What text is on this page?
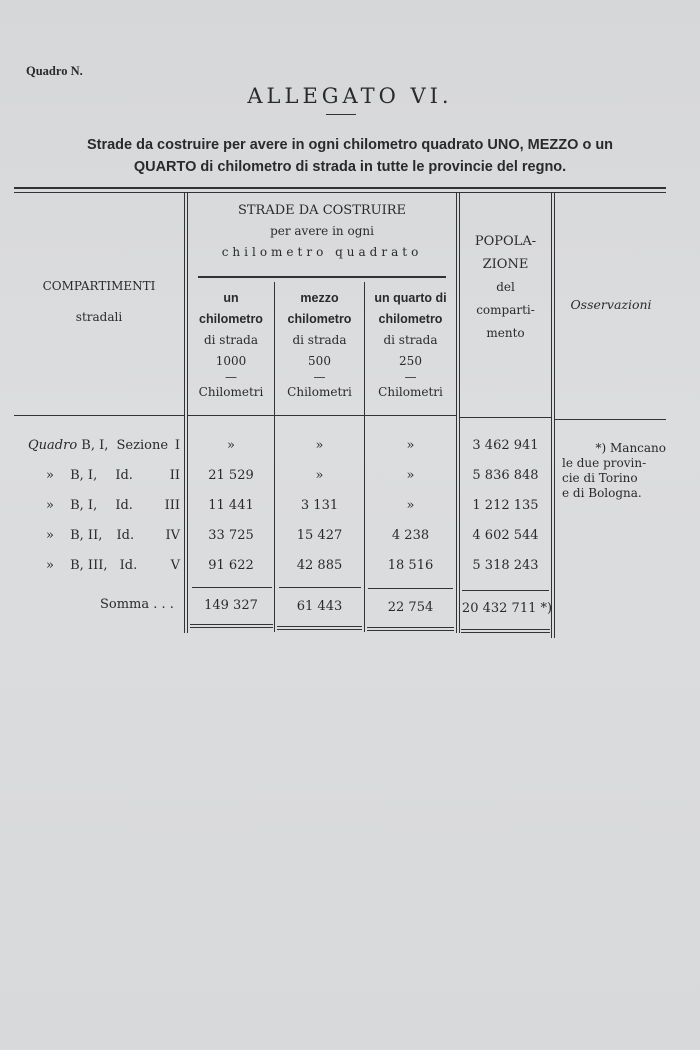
Quadro N.
ALLEGATO VI.
Strade da costruire per avere in ogni chilometro quadrato UNO, MEZZO o un
QUARTO di chilometro di strada in tutte le provincie del regno.
COMPARTIMENTI
stradali
STRADE DA COSTRUIRE
per avere in ogni
chilometro quadrato
un
chilometro
di strada
1000
—
Chilometri
mezzo
chilometro
di strada
500
—
Chilometri
un quarto di
chilometro
di strada
250
—
Chilometri
POPOLA-
ZIONE
del
comparti-
mento
Osservazioni
Quadro B, I, Sezione I	»	»	»	3 462 941
» B, I, Id.	II	21 529	»	»	5 836 848
» B, I, Id. III	11 441	3 131	»	1 212 135
» B, II, Id. IV	33 725	15 427	4 238	4 602 544
» B, III, Id.	V	91 622	42 885	18 516	5 318 243
Somma . . .	149 327	61 443	22 754	20 432 711 *)
*) Mancano
le due provin-
cie di Torino
e di Bologna.
